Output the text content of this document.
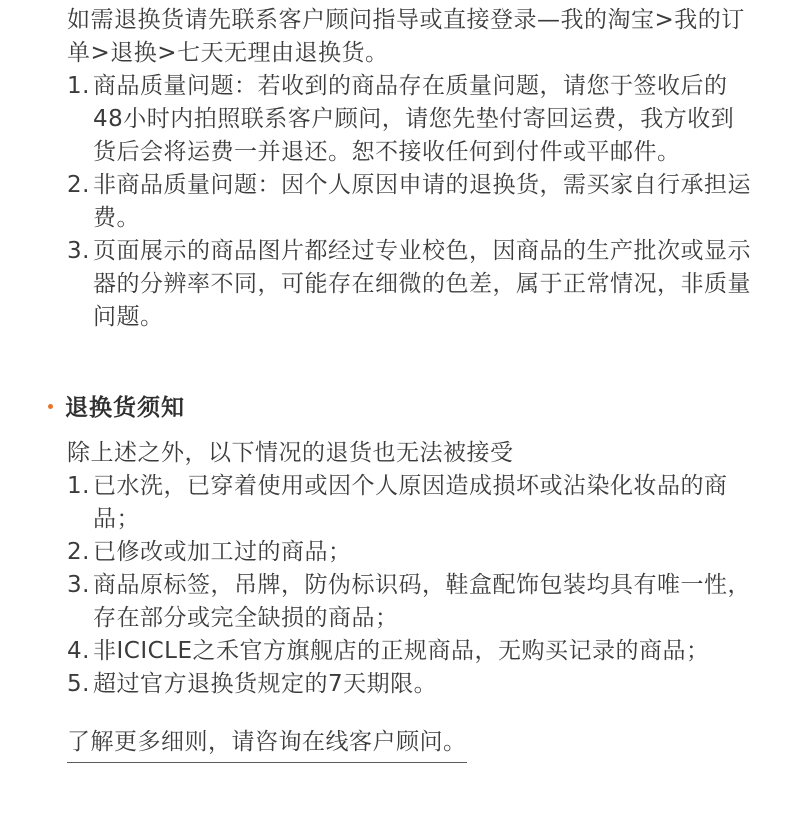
如需退换货请先联系客户顾问指导或直接登录—我的淘宝>我的订单>退换>七天无理由退换货。
1. 商品质量问题：若收到的商品存在质量问题，请您于签收后的48小时内拍照联系客户顾问，请您先垫付寄回运费，我方收到货后会将运费一并退还。恕不接收任何到付件或平邮件。
2. 非商品质量问题：因个人原因申请的退换货，需买家自行承担运费。
3. 页面展示的商品图片都经过专业校色，因商品的生产批次或显示器的分辨率不同，可能存在细微的色差，属于正常情况，非质量问题。
退换货须知
除上述之外，以下情况的退货也无法被接受
1. 已水洗，已穿着使用或因个人原因造成损坏或沾染化妆品的商品；
2. 已修改或加工过的商品；
3. 商品原标签，吊牌，防伪标识码，鞋盒配饰包装均具有唯一性，存在部分或完全缺损的商品；
4. 非ICICLE之禾官方旗舰店的正规商品，无购买记录的商品；
5. 超过官方退换货规定的7天期限。
了解更多细则，请咨询在线客户顾问。
